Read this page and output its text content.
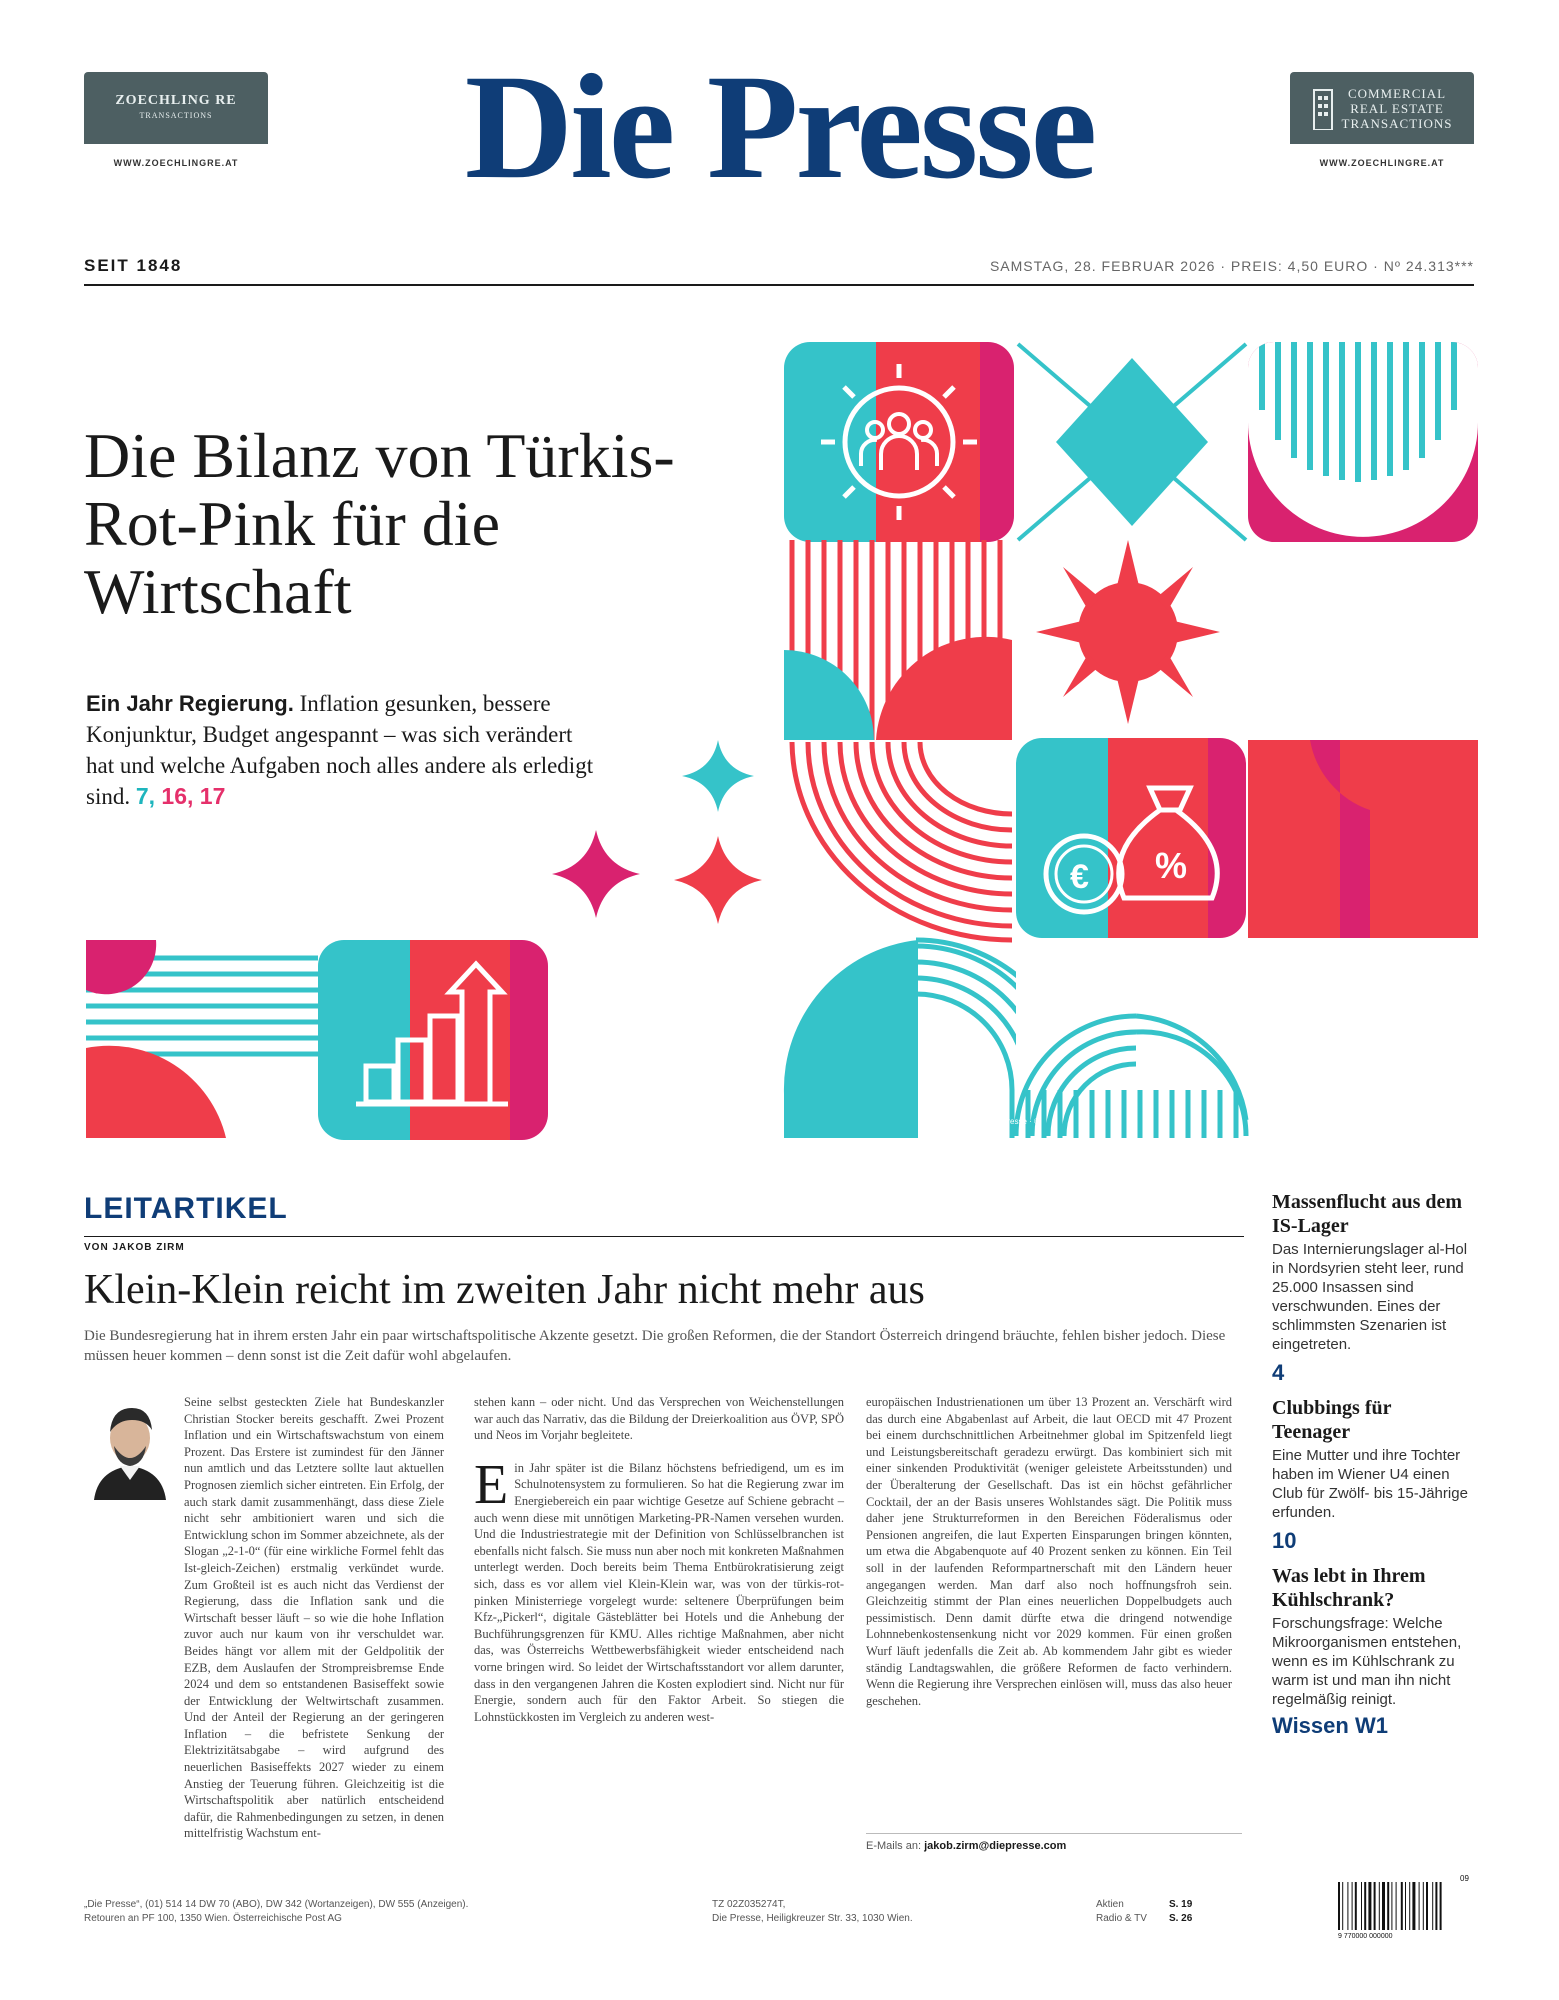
ZOECHLING RE
TRANSACTIONS
WWW.ZOECHLINGRE.AT
COMMERCIAL
REAL ESTATE
TRANSACTIONS
WWW.ZOECHLINGRE.AT
Die Presse
SEIT 1848	SAMSTAG, 28. FEBRUAR 2026 · PREIS: 4,50 EURO · Nº 24.313***
Die Bilanz von Türkis-Rot-Pink für die Wirtschaft
Ein Jahr Regierung. Inflation gesunken, bessere Konjunktur, Budget angespannt – was sich verändert hat und welche Aufgaben noch alles andere als erledigt sind. 7, 16, 17
%
€
Grafik: Presse · Die Presse · ©
LEITARTIKEL
VON JAKOB ZIRM
Klein-Klein reicht im zweiten Jahr nicht mehr aus
Die Bundesregierung hat in ihrem ersten Jahr ein paar wirtschaftspolitische Akzente gesetzt. Die großen Reformen, die der Standort Österreich dringend bräuchte, fehlen bisher jedoch. Diese müssen heuer kommen – denn sonst ist die Zeit dafür wohl abgelaufen.
Seine selbst gesteckten Ziele hat Bundeskanzler Christian Stocker bereits geschafft. Zwei Prozent Inflation und ein Wirtschaftswachstum von einem Prozent. Das Erstere ist zumindest für den Jänner nun amtlich und das Letztere sollte laut aktuellen Prognosen ziemlich sicher eintreten. Ein Erfolg, der auch stark damit zusammenhängt, dass diese Ziele nicht sehr ambitioniert waren und sich die Entwicklung schon im Sommer abzeichnete, als der Slogan „2-1-0“ (für eine wirkliche Formel fehlt das Ist-gleich-Zeichen) erstmalig verkündet wurde. Zum Großteil ist es auch nicht das Verdienst der Regierung, dass die Inflation sank und die Wirtschaft besser läuft – so wie die hohe Inflation zuvor auch nur kaum von ihr verschuldet war. Beides hängt vor allem mit der Geldpolitik der EZB, dem Auslaufen der Strompreisbremse Ende 2024 und dem so entstandenen Basiseffekt sowie der Entwicklung der Weltwirtschaft zusammen. Und der Anteil der Regierung an der geringeren Inflation – die befristete Senkung der Elektrizitätsabgabe – wird aufgrund des neuerlichen Basiseffekts 2027 wieder zu einem Anstieg der Teuerung führen. Gleichzeitig ist die Wirtschaftspolitik aber natürlich entscheidend dafür, die Rahmenbedingungen zu setzen, in denen mittelfristig Wachstum ent-
stehen kann – oder nicht. Und das Versprechen von Weichenstellungen war auch das Narrativ, das die Bildung der Dreierkoalition aus ÖVP, SPÖ und Neos im Vorjahr begleitete.
E in Jahr später ist die Bilanz höchstens befriedigend, um es im Schulnotensystem zu formulieren. So hat die Regierung zwar im Energiebereich ein paar wichtige Gesetze auf Schiene gebracht – auch wenn diese mit unnötigen Marketing-PR-Namen versehen wurden. Und die Industriestrategie mit der Definition von Schlüsselbranchen ist ebenfalls nicht falsch. Sie muss nun aber noch mit konkreten Maßnahmen unterlegt werden. Doch bereits beim Thema Entbürokratisierung zeigt sich, dass es vor allem viel Klein-Klein war, was von der türkis-rot-pinken Ministerriege vorgelegt wurde: seltenere Überprüfungen beim Kfz-„Pickerl“, digitale Gästeblätter bei Hotels und die Anhebung der Buchführungsgrenzen für KMU. Alles richtige Maßnahmen, aber nicht das, was Österreichs Wettbewerbsfähigkeit wieder entscheidend nach vorne bringen wird. So leidet der Wirtschaftsstandort vor allem darunter, dass in den vergangenen Jahren die Kosten explodiert sind. Nicht nur für Energie, sondern auch für den Faktor Arbeit. So stiegen die Lohnstückkosten im Vergleich zu anderen west-
europäischen Industrienationen um über 13 Prozent an. Verschärft wird das durch eine Abgabenlast auf Arbeit, die laut OECD mit 47 Prozent bei einem durchschnittlichen Arbeitnehmer global im Spitzenfeld liegt und Leistungsbereitschaft geradezu erwürgt. Das kombiniert sich mit einer sinkenden Produktivität (weniger geleistete Arbeitsstunden) und der Überalterung der Gesellschaft. Das ist ein höchst gefährlicher Cocktail, der an der Basis unseres Wohlstandes sägt. Die Politik muss daher jene Strukturreformen in den Bereichen Föderalismus oder Pensionen angreifen, die laut Experten Einsparungen bringen könnten, um etwa die Abgabenquote auf 40 Prozent senken zu können. Ein Teil soll in der laufenden Reformpartnerschaft mit den Ländern heuer angegangen werden. Man darf also noch hoffnungsfroh sein. Gleichzeitig stimmt der Plan eines neuerlichen Doppelbudgets auch pessimistisch. Denn damit dürfte etwa die dringend notwendige Lohnnebenkostensenkung nicht vor 2029 kommen. Für einen großen Wurf läuft jedenfalls die Zeit ab. Ab kommendem Jahr gibt es wieder ständig Landtagswahlen, die größere Reformen de facto verhindern. Wenn die Regierung ihre Versprechen einlösen will, muss das also heuer geschehen.
E-Mails an: jakob.zirm@diepresse.com
Massenflucht aus dem IS-Lager
Das Internierungslager al-Hol in Nordsyrien steht leer, rund 25.000 Insassen sind verschwunden. Eines der schlimmsten Szenarien ist eingetreten.
4
Clubbings für Teenager
Eine Mutter und ihre Tochter haben im Wiener U4 einen Club für Zwölf- bis 15-Jährige erfunden.
10
Was lebt in Ihrem Kühlschrank?
Forschungsfrage: Welche Mikroorganismen entstehen, wenn es im Kühlschrank zu warm ist und man ihn nicht regelmäßig reinigt.
Wissen W1
„Die Presse“, (01) 514 14 DW 70 (ABO), DW 342 (Wortanzeigen), DW 555 (Anzeigen).
Retouren an PF 100, 1350 Wien. Österreichische Post AG
TZ 02Z035274T,
Die Presse, Heiligkreuzer Str. 33, 1030 Wien.
Aktien	S. 19
Radio & TV	S. 26
09
9 770000 000000
